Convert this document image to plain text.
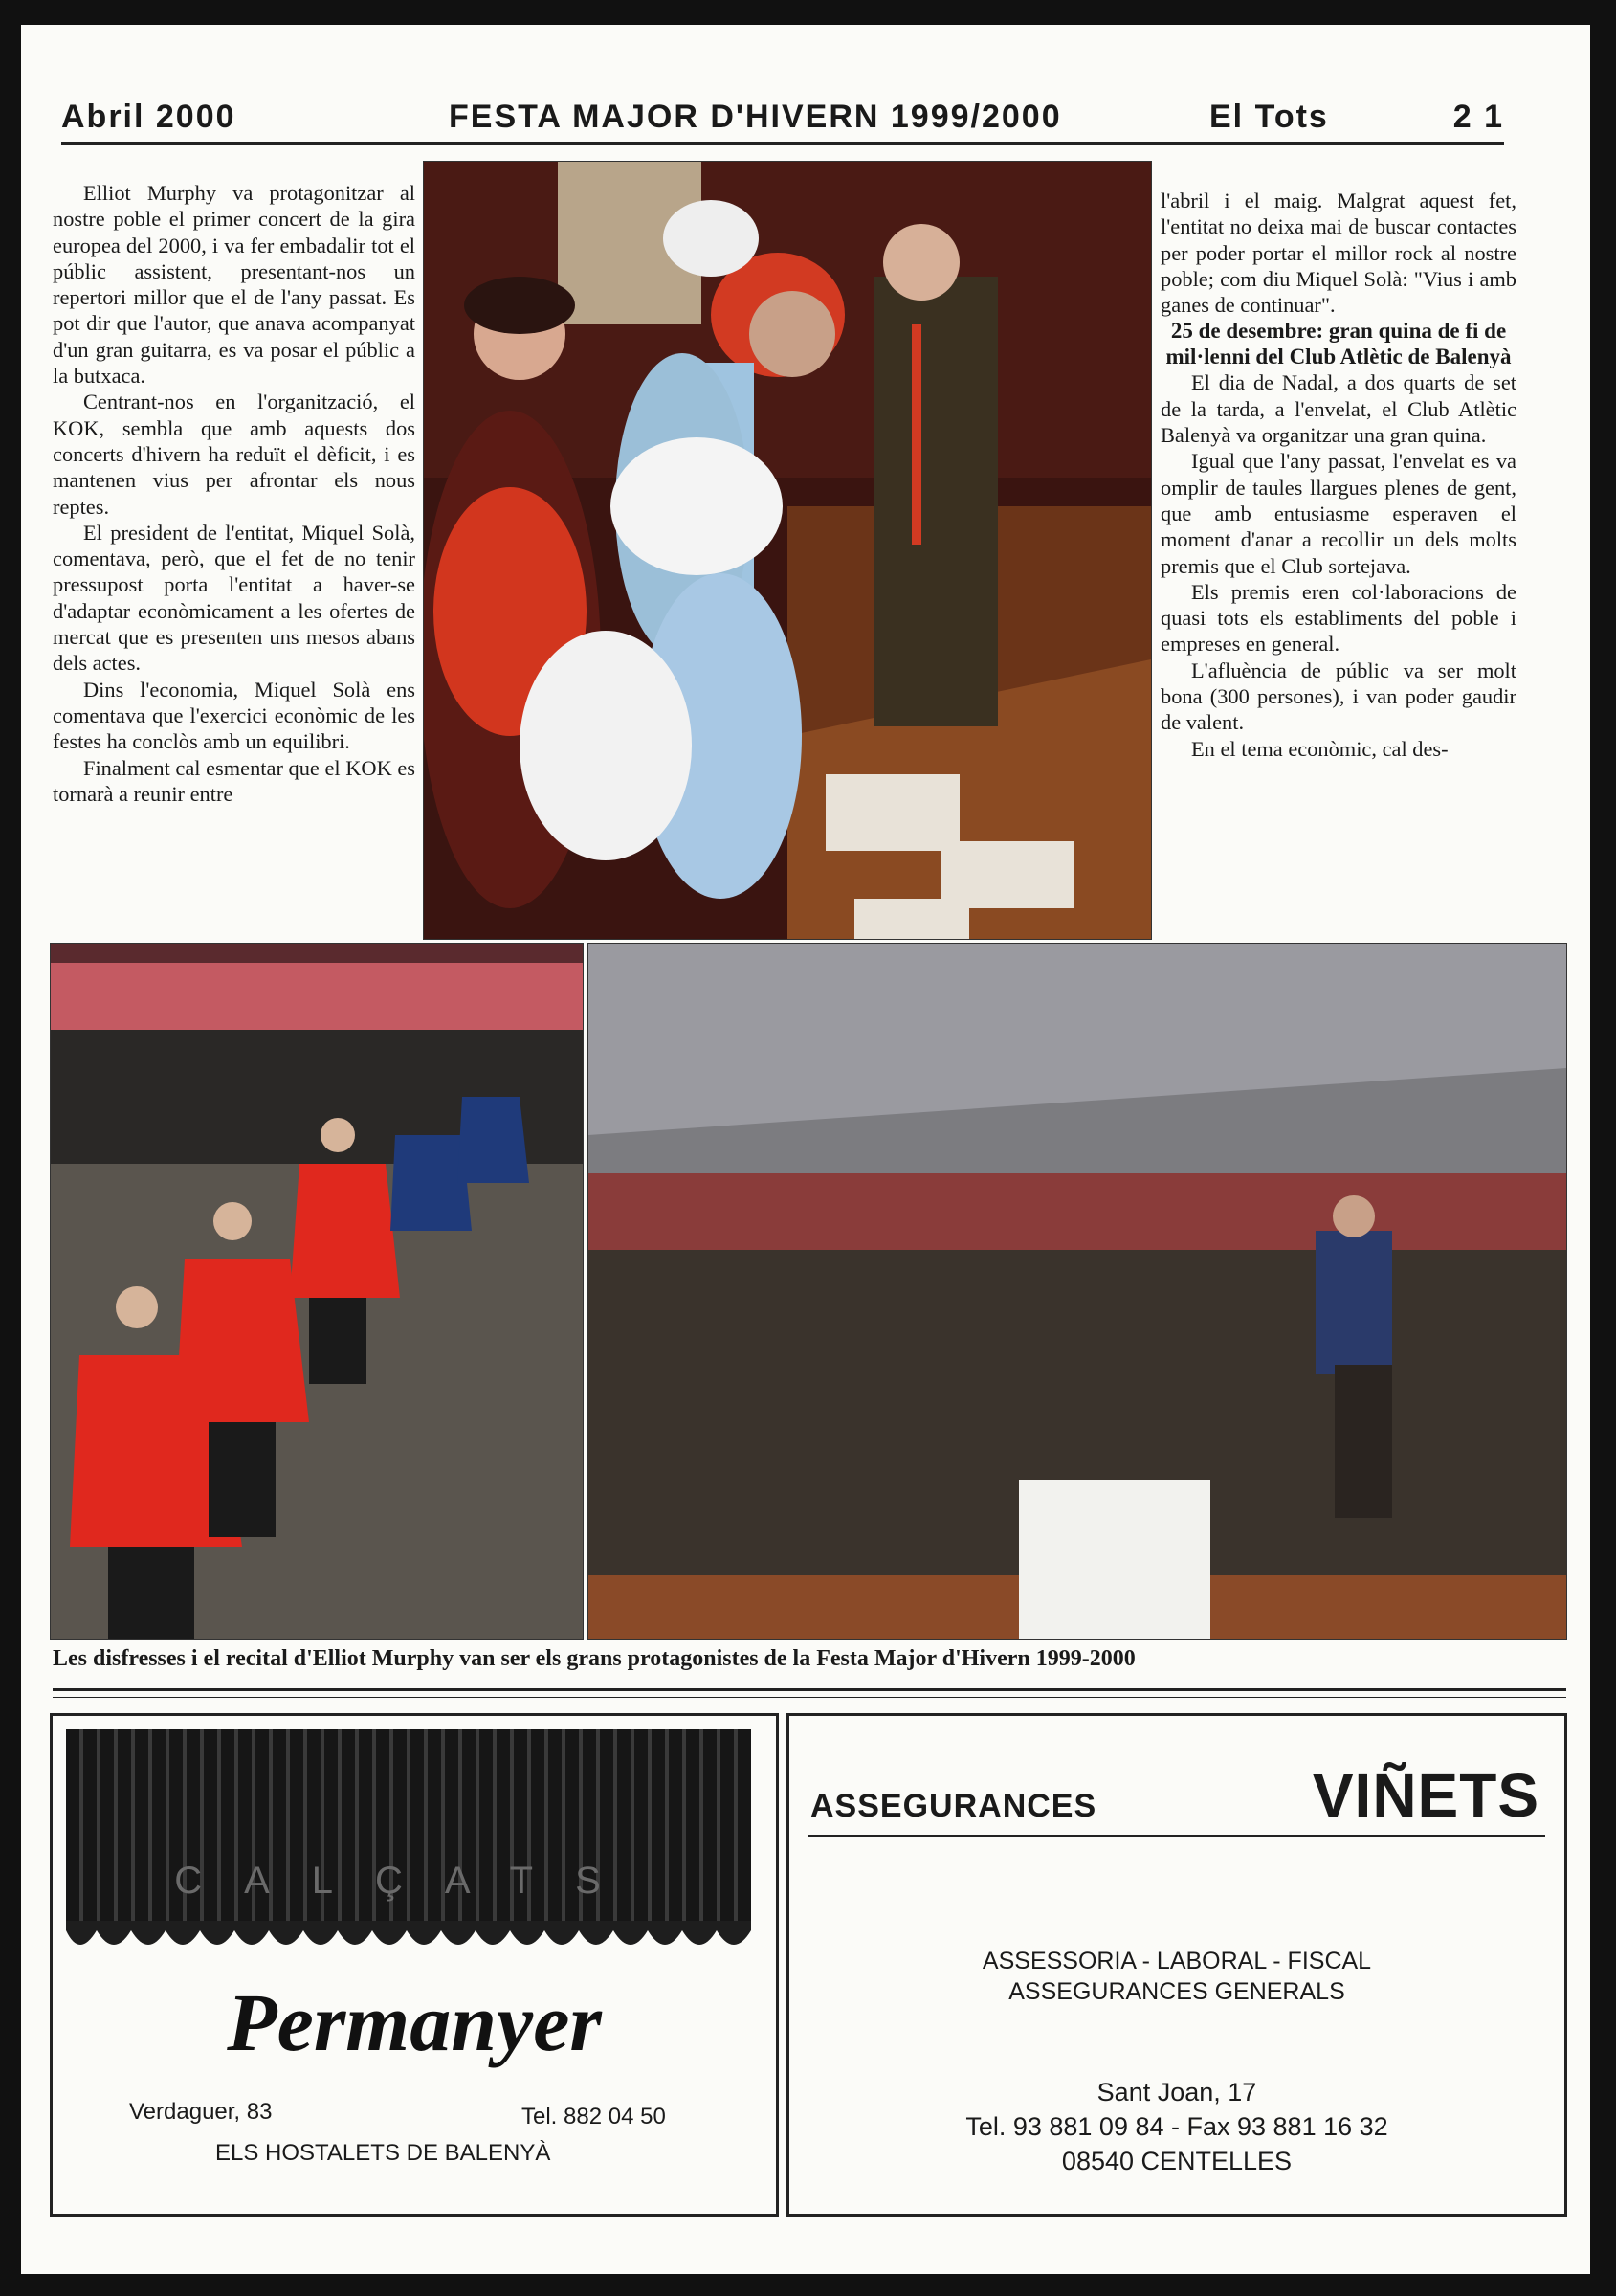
Abril 2000	FESTA MAJOR D'HIVERN 1999/2000	El Tots	2 1

Elliot Murphy va protagonitzar al nostre poble el primer concert de la gira europea del 2000, i va fer embadalir tot el públic assistent, presentant-nos un repertori millor que el de l'any passat. Es pot dir que l'autor, que anava acompanyat d'un gran guitarra, es va posar el públic a la butxaca.

Centrant-nos en l'organització, el KOK, sembla que amb aquests dos concerts d'hivern ha reduït el dèficit, i es mantenen vius per afrontar els nous reptes.

El president de l'entitat, Miquel Solà, comentava, però, que el fet de no tenir pressupost porta l'entitat a haver-se d'adaptar econòmicament a les ofertes de mercat que es presenten uns mesos abans dels actes.

Dins l'economia, Miquel Solà ens comentava que l'exercici econòmic de les festes ha conclòs amb un equilibri.

Finalment cal esmentar que el KOK es tornarà a reunir entre

l'abril i el maig. Malgrat aquest fet, l'entitat no deixa mai de buscar contactes per poder portar el millor rock al nostre poble; com diu Miquel Solà: "Vius i amb ganes de continuar".

25 de desembre: gran quina de fi de mil·lenni del Club Atlètic de Balenyà

El dia de Nadal, a dos quarts de set de la tarda, a l'envelat, el Club Atlètic Balenyà va organitzar una gran quina.

Igual que l'any passat, l'envelat es va omplir de taules llargues plenes de gent, que amb entusiasme esperaven el moment d'anar a recollir un dels molts premis que el Club sortejava.

Els premis eren col·laboracions de quasi tots els establiments del poble i empreses en general.

L'afluència de públic va ser molt bona (300 persones), i van poder gaudir de valent.

En el tema econòmic, cal des-

Les disfresses i el recital d'Elliot Murphy van ser els grans protagonistes de la Festa Major d'Hivern 1999-2000
CALÇATS
Permanyer
Verdaguer, 83	Tel. 882 04 50
ELS HOSTALETS DE BALENYÀ
ASSEGURANCES	VIÑETS
ASSESSORIA - LABORAL - FISCAL
ASSEGURANCES GENERALS
Sant Joan, 17
Tel. 93 881 09 84 - Fax 93 881 16 32
08540 CENTELLES
